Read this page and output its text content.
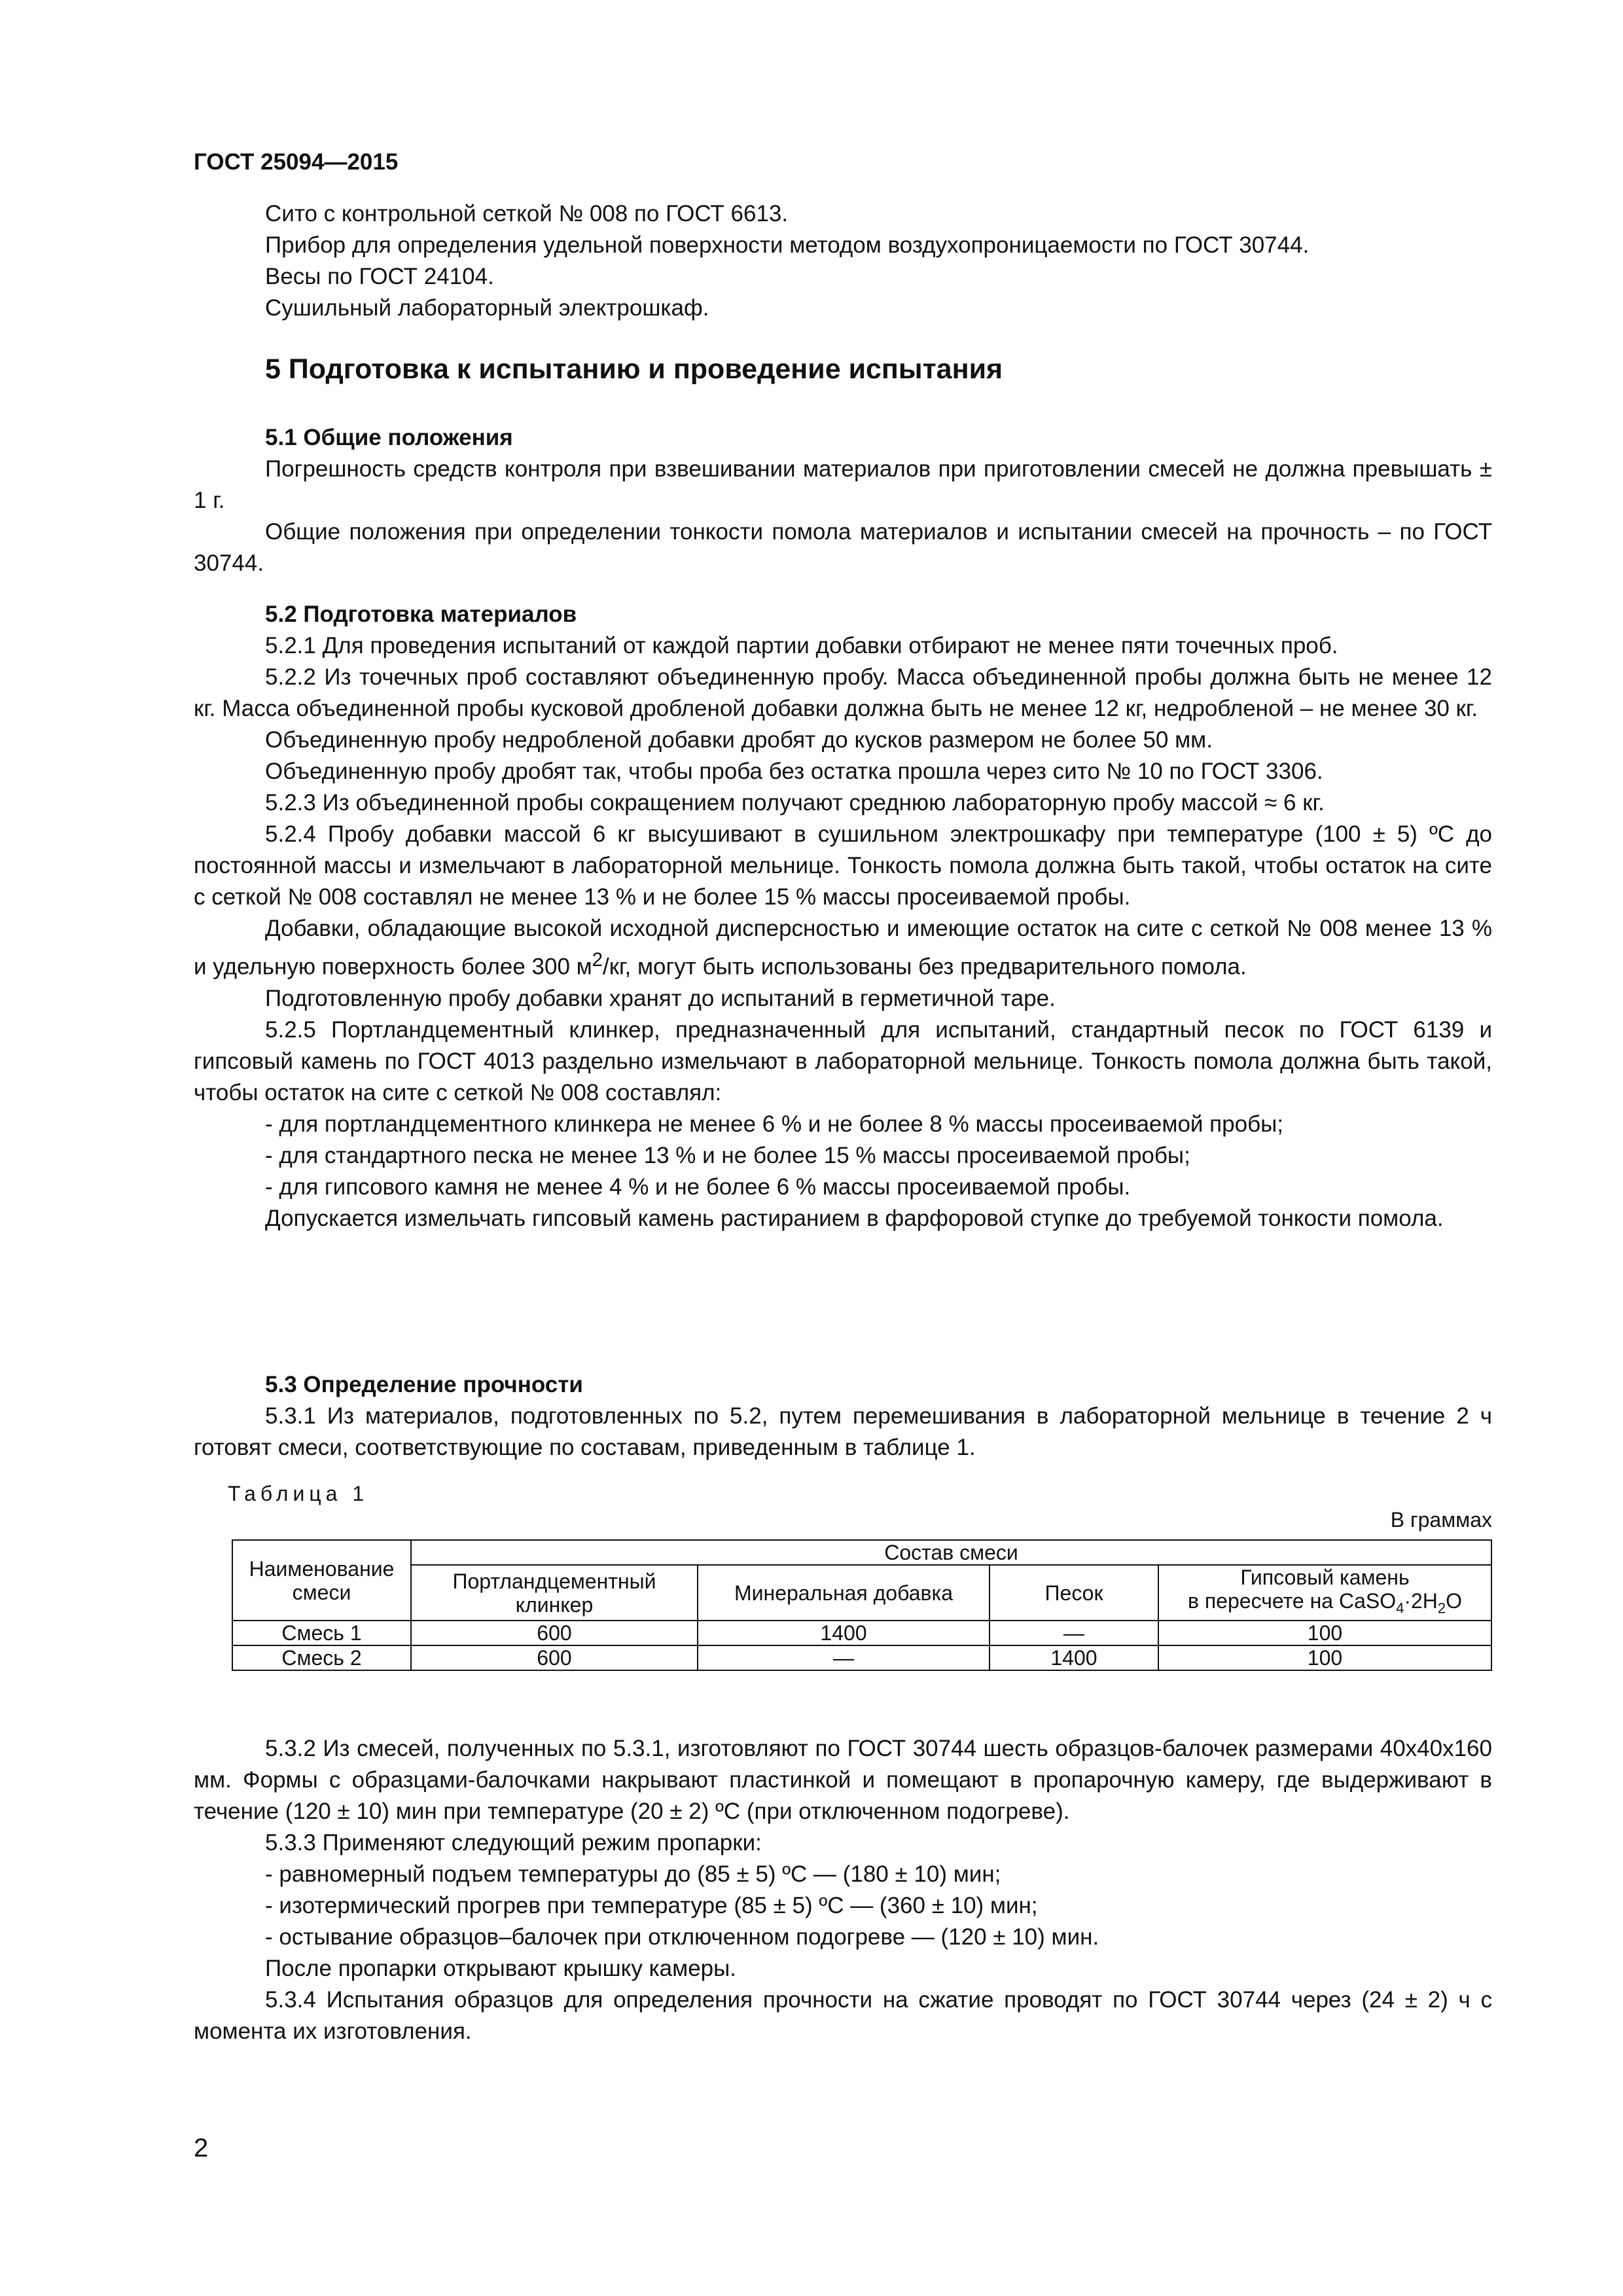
ГОСТ 25094—2015

Сито с контрольной сеткой № 008 по ГОСТ 6613.

Прибор для определения удельной поверхности методом воздухопроницаемости по ГОСТ 30744.

Весы по ГОСТ 24104.

Сушильный лабораторный электрошкаф.

5 Подготовка к испытанию и проведение испытания

5.1 Общие положения

Погрешность средств контроля при взвешивании материалов при приготовлении смесей не должна превышать ± 1 г.

Общие положения при определении тонкости помола материалов и испытании смесей на прочность – по ГОСТ 30744.

5.2 Подготовка материалов

5.2.1 Для проведения испытаний от каждой партии добавки отбирают не менее пяти точечных проб.

5.2.2 Из точечных проб составляют объединенную пробу. Масса объединенной пробы должна быть не менее 12 кг. Масса объединенной пробы кусковой дробленой добавки должна быть не менее 12 кг, недробленой – не менее 30 кг.

Объединенную пробу недробленой добавки дробят до кусков размером не более 50 мм.

Объединенную пробу дробят так, чтобы проба без остатка прошла через сито № 10 по ГОСТ 3306.

5.2.3 Из объединенной пробы сокращением получают среднюю лабораторную пробу массой ≈ 6 кг.

5.2.4 Пробу добавки массой 6 кг высушивают в сушильном электрошкафу при температуре (100 ± 5) ºС до постоянной массы и измельчают в лабораторной мельнице. Тонкость помола должна быть такой, чтобы остаток на сите с сеткой № 008 составлял не менее 13 % и не более 15 % массы просеиваемой пробы.

Добавки, обладающие высокой исходной дисперсностью и имеющие остаток на сите с сеткой № 008 менее 13 % и удельную поверхность более 300 $м^2/кг$, могут быть использованы без предварительного помола.

Подготовленную пробу добавки хранят до испытаний в герметичной таре.

5.2.5 Портландцементный клинкер, предназначенный для испытаний, стандартный песок по ГОСТ 6139 и гипсовый камень по ГОСТ 4013 раздельно измельчают в лабораторной мельнице. Тонкость помола должна быть такой, чтобы остаток на сите с сеткой № 008 составлял:

- для портландцементного клинкера не менее 6 % и не более 8 % массы просеиваемой пробы;

- для стандартного песка не менее 13 % и не более 15 % массы просеиваемой пробы;

- для гипсового камня не менее 4 % и не более 6 % массы просеиваемой пробы.

Допускается измельчать гипсовый камень растиранием в фарфоровой ступке до требуемой тонкости помола.

5.3 Определение прочности

5.3.1 Из материалов, подготовленных по 5.2, путем перемешивания в лабораторной мельнице в течение 2 ч готовят смеси, соответствующие по составам, приведенным в таблице 1.

Таблица 1
В граммах
Наименование смеси	Состав смеси			
	Портландцементный клинкер	Минеральная добавка	Песок	Гипсовый камень
в пересчете на $CaSO_4\cdot 2H_2O$

Смесь 1	600	1400	—	100
Смесь 2	600	—	1400	100

5.3.2 Из смесей, полученных по 5.3.1, изготовляют по ГОСТ 30744 шесть образцов-балочек размерами 40х40х160 мм. Формы с образцами-балочками накрывают пластинкой и помещают в пропарочную камеру, где выдерживают в течение (120 ± 10) мин при температуре (20 ± 2) ºС (при отключенном подогреве).

5.3.3 Применяют следующий режим пропарки:

- равномерный подъем температуры до (85 ± 5) ºС — (180 ± 10) мин;

- изотермический прогрев при температуре (85 ± 5) ºС — (360 ± 10) мин;

- остывание образцов–балочек при отключенном подогреве — (120 ± 10) мин.

После пропарки открывают крышку камеры.

5.3.4 Испытания образцов для определения прочности на сжатие проводят по ГОСТ 30744 через (24 ± 2) ч с момента их изготовления.

2
